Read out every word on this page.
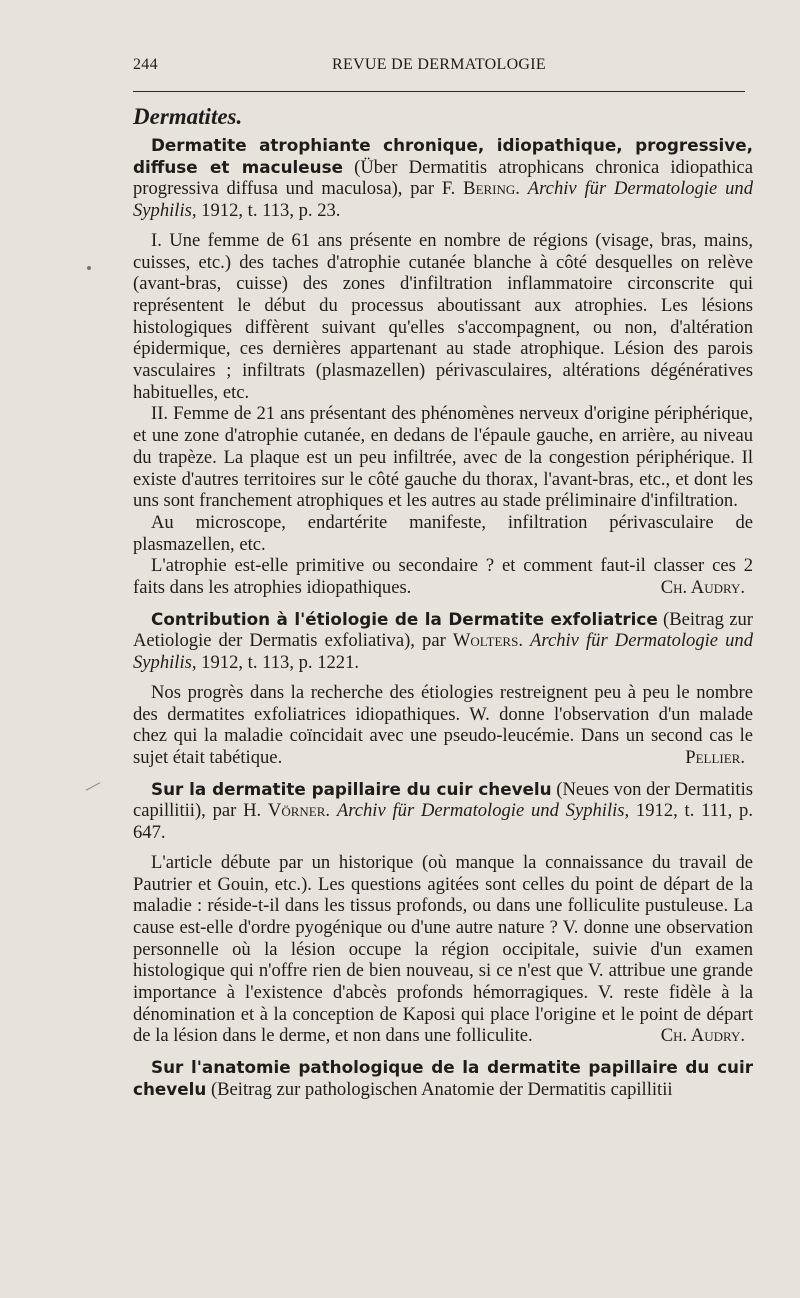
244	REVUE DE DERMATOLOGIE
Dermatites.

Dermatite atrophiante chronique, idiopathique, progressive, diffuse et maculeuse (Über Dermatitis atrophicans chronica idiopathica progressiva diffusa und maculosa), par F. Bering. Archiv für Dermatologie und Syphilis, 1912, t. 113, p. 23.

I. Une femme de 61 ans présente en nombre de régions (visage, bras, mains, cuisses, etc.) des taches d'atrophie cutanée blanche à côté desquelles on relève (avant-bras, cuisse) des zones d'infiltration inflammatoire circonscrite qui représentent le début du processus aboutissant aux atrophies. Les lésions histologiques diffèrent suivant qu'elles s'accompagnent, ou non, d'altération épidermique, ces dernières appartenant au stade atrophique. Lésion des parois vasculaires ; infiltrats (plasmazellen) périvasculaires, altérations dégénératives habituelles, etc.

II. Femme de 21 ans présentant des phénomènes nerveux d'origine périphérique, et une zone d'atrophie cutanée, en dedans de l'épaule gauche, en arrière, au niveau du trapèze. La plaque est un peu infiltrée, avec de la congestion périphérique. Il existe d'autres territoires sur le côté gauche du thorax, l'avant-bras, etc., et dont les uns sont franchement atrophiques et les autres au stade préliminaire d'infiltration.

Au microscope, endartérite manifeste, infiltration périvasculaire de plasmazellen, etc.

L'atrophie est-elle primitive ou secondaire ? et comment faut-il classer ces 2 faits dans les atrophies idiopathiques.	Ch. Audry.

Contribution à l'étiologie de la Dermatite exfoliatrice (Beitrag zur Aetiologie der Dermatis exfoliativa), par Wolters. Archiv für Dermatologie und Syphilis, 1912, t. 113, p. 1221.

Nos progrès dans la recherche des étiologies restreignent peu à peu le nombre des dermatites exfoliatrices idiopathiques. W. donne l'observation d'un malade chez qui la maladie coïncidait avec une pseudo-leucémie. Dans un second cas le sujet était tabétique.	Pellier.

Sur la dermatite papillaire du cuir chevelu (Neues von der Dermatitis capillitii), par H. Vörner. Archiv für Dermatologie und Syphilis, 1912, t. 111, p. 647.

L'article débute par un historique (où manque la connaissance du travail de Pautrier et Gouin, etc.). Les questions agitées sont celles du point de départ de la maladie : réside-t-il dans les tissus profonds, ou dans une folliculite pustuleuse. La cause est-elle d'ordre pyogénique ou d'une autre nature ? V. donne une observation personnelle où la lésion occupe la région occipitale, suivie d'un examen histologique qui n'offre rien de bien nouveau, si ce n'est que V. attribue une grande importance à l'existence d'abcès profonds hémorragiques. V. reste fidèle à la dénomination et à la conception de Kaposi qui place l'origine et le point de départ de la lésion dans le derme, et non dans une folliculite.	Ch. Audry.

Sur l'anatomie pathologique de la dermatite papillaire du cuir chevelu (Beitrag zur pathologischen Anatomie der Dermatitis capillitii
